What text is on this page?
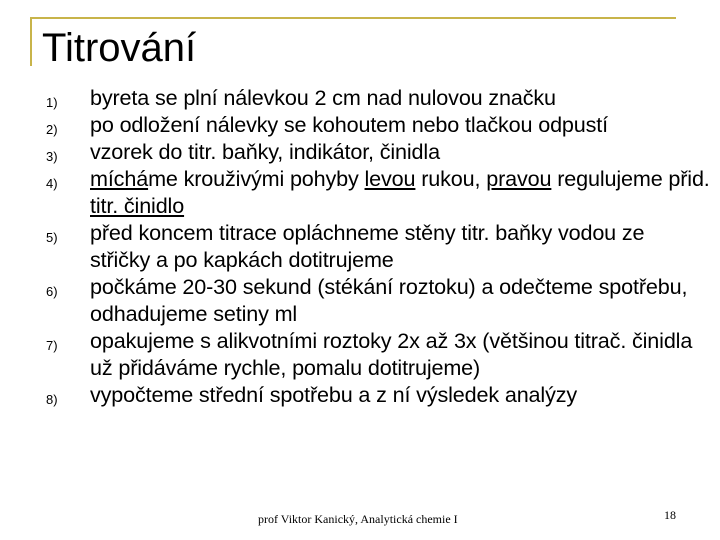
Titrování
1) byreta se plní nálevkou 2 cm nad nulovou značku
2) po odložení nálevky se kohoutem nebo tlačkou odpustí
3) vzorek do titr. baňky, indikátor, činidla
4) mícháme krouživými pohyby levou rukou, pravou regulujeme přid. titr. činidlo
5) před koncem titrace opláchneme stěny titr. baňky vodou ze střičky a po kapkách dotitrujeme
6) počkáme 20-30 sekund (stékání roztoku) a odečteme spotřebu, odhadujeme setiny ml
7) opakujeme s alikvotními roztoky 2x až 3x (většinou titrač. činidla už přidáváme rychle, pomalu dotitrujeme)
8) vypočteme střední spotřebu a z ní výsledek analýzy
prof Viktor Kanický, Analytická chemie I	18
